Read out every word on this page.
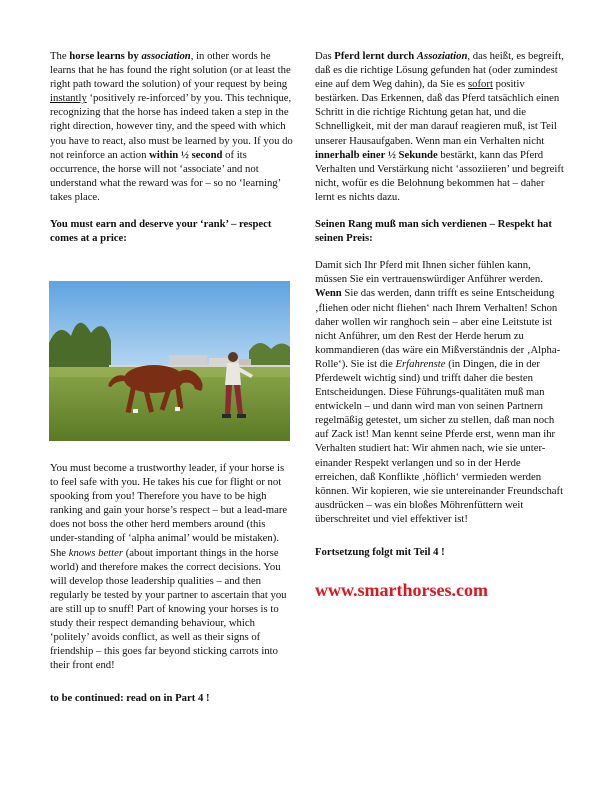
The horse learns by association, in other words he learns that he has found the right solution (or at least the right path toward the solution) of your request by being instantly ‘positively re-inforced’ by you. This technique, recognizing that the horse has indeed taken a step in the right direction, however tiny, and the speed with which you have to react, also must be learned by you. If you do not reinforce an action within ½ second of its occurrence, the horse will not ‘associate’ and not understand what the reward was for – so no ‘learning’ takes place.

You must earn and deserve your ‘rank’ – respect comes at a price:

You must become a trustworthy leader, if your horse is to feel safe with you. He takes his cue for flight or not spooking from you! Therefore you have to be high ranking and gain your horse’s respect – but a lead-mare does not boss the other herd members around (this under-standing of ‘alpha animal’ would be mistaken). She knows better (about important things in the horse world) and therefore makes the correct decisions. You will develop those leadership qualities – and then regularly be tested by your partner to ascertain that you are still up to snuff! Part of knowing your horses is to study their respect demanding behaviour, which ‘politely’ avoids conflict, as well as their signs of friendship – this goes far beyond sticking carrots into their front end!

to be continued: read on in Part 4 !

Das Pferd lernt durch Assoziation, das heißt, es begreift, daß es die richtige Lösung gefunden hat (oder zumindest eine auf dem Weg dahin), da Sie es sofort positiv bestärken. Das Erkennen, daß das Pferd tatsächlich einen Schritt in die richtige Richtung getan hat, und die Schnelligkeit, mit der man darauf reagieren muß, ist Teil unserer Hausaufgaben. Wenn man ein Verhalten nicht innerhalb einer ½ Sekunde bestärkt, kann das Pferd Verhalten und Verstärkung nicht ‘assoziieren’ und begreift nicht, wofür es die Belohnung bekommen hat – daher lernt es nichts dazu.

Seinen Rang muß man sich verdienen – Respekt hat seinen Preis:

Damit sich Ihr Pferd mit Ihnen sicher fühlen kann, müssen Sie ein vertrauenswürdiger Anführer werden. Wenn Sie das werden, dann trifft es seine Entscheidung ‚fliehen oder nicht fliehen‘ nach Ihrem Verhalten! Schon daher wollen wir ranghoch sein – aber eine Leitstute ist nicht Anführer, um den Rest der Herde herum zu kommandieren (das wäre ein Mißverständnis der ‚Alpha-Rolle‘). Sie ist die Erfahrenste (in Dingen, die in der Pferdewelt wichtig sind) und trifft daher die besten Entscheidungen. Diese Führungs-qualitäten muß man entwickeln – und dann wird man von seinen Partnern regelmäßig getestet, um sicher zu stellen, daß man noch auf Zack ist! Man kennt seine Pferde erst, wenn man ihr Verhalten studiert hat: Wir ahmen nach, wie sie unter-einander Respekt verlangen und so in der Herde erreichen, daß Konflikte ‚höflich‘ vermieden werden können. Wir kopieren, wie sie untereinander Freundschaft ausdrücken – was ein bloßes Möhrenfüttern weit überschreitet und viel effektiver ist!

Fortsetzung folgt mit Teil 4 !

www.smarthorses.com
